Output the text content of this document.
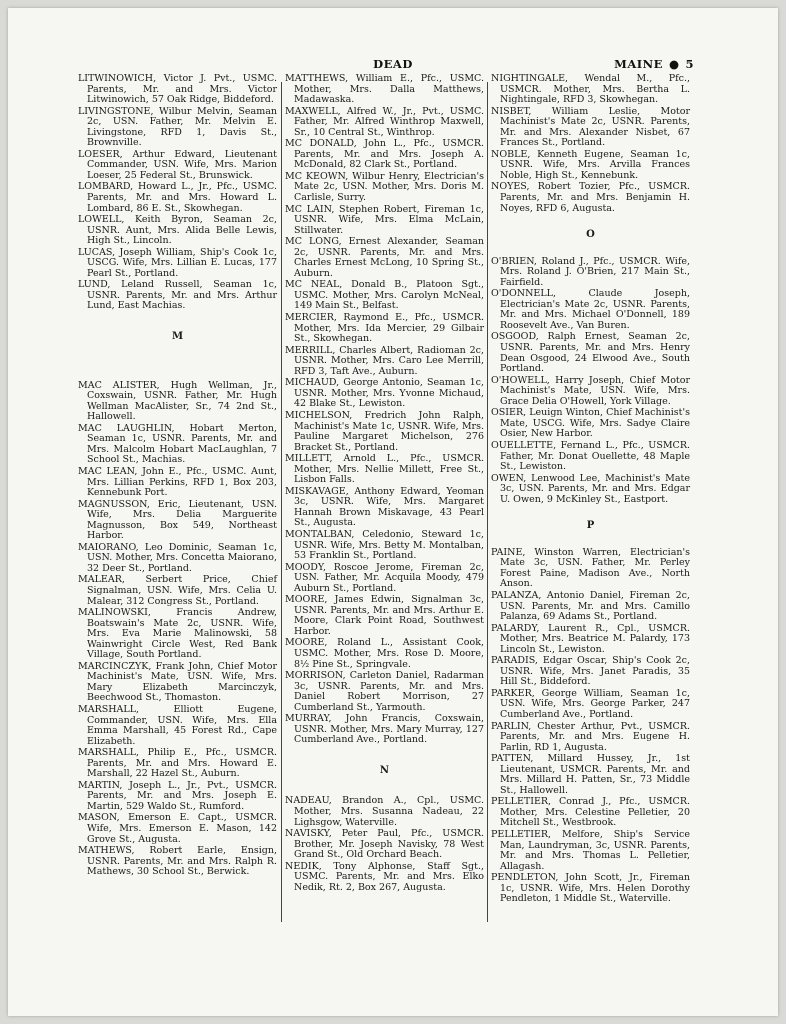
DEAD	MAINE ● 5
LITWINOWICH, Victor J. Pvt., USMC. Parents, Mr. and Mrs. Victor Litwinowich, 57 Oak Ridge, Biddeford.
LIVINGSTONE, Wilbur Melvin, Seaman 2c, USN. Father, Mr. Melvin E. Livingstone, RFD 1, Davis St., Brownville.
LOESER, Arthur Edward, Lieutenant Commander, USN. Wife, Mrs. Marion Loeser, 25 Federal St., Brunswick.
LOMBARD, Howard L., Jr., Pfc., USMC. Parents, Mr. and Mrs. Howard L. Lombard, 86 E. St., Skowhegan.
LOWELL, Keith Byron, Seaman 2c, USNR. Aunt, Mrs. Alida Belle Lewis, High St., Lincoln.
LUCAS, Joseph William, Ship's Cook 1c, USCG. Wife, Mrs. Lillian E. Lucas, 177 Pearl St., Portland.
LUND, Leland Russell, Seaman 1c, USNR. Parents, Mr. and Mrs. Arthur Lund, East Machias.
M
MAC ALISTER, Hugh Wellman, Jr., Coxswain, USNR. Father, Mr. Hugh Wellman MacAlister, Sr., 74 2nd St., Hallowell.
MAC LAUGHLIN, Hobart Merton, Seaman 1c, USNR. Parents, Mr. and Mrs. Malcolm Hobart MacLaughlan, 7 School St., Machias.
MAC LEAN, John E., Pfc., USMC. Aunt, Mrs. Lillian Perkins, RFD 1, Box 203, Kennebunk Port.
MAGNUSSON, Eric, Lieutenant, USN. Wife, Mrs. Delia Marguerite Magnusson, Box 549, Northeast Harbor.
MAIORANO, Leo Dominic, Seaman 1c, USN. Mother, Mrs. Concetta Maiorano, 32 Deer St., Portland.
MALEAR, Serbert Price, Chief Signalman, USN. Wife, Mrs. Celia U. Malear, 312 Congress St., Portland.
MALINOWSKI, Francis Andrew, Boatswain's Mate 2c, USNR. Wife, Mrs. Eva Marie Malinowski, 58 Wainwright Circle West, Red Bank Village, South Portland.
MARCINCZYK, Frank John, Chief Motor Machinist's Mate, USN. Wife, Mrs. Mary Elizabeth Marcinczyk, Beechwood St., Thomaston.
MARSHALL, Elliott Eugene, Commander, USN. Wife, Mrs. Ella Emma Marshall, 45 Forest Rd., Cape Elizabeth.
MARSHALL, Philip E., Pfc., USMCR. Parents, Mr. and Mrs. Howard E. Marshall, 22 Hazel St., Auburn.
MARTIN, Joseph L., Jr., Pvt., USMCR. Parents, Mr. and Mrs. Joseph E. Martin, 529 Waldo St., Rumford.
MASON, Emerson E. Capt., USMCR. Wife, Mrs. Emerson E. Mason, 142 Grove St., Augusta.
MATHEWS, Robert Earle, Ensign, USNR. Parents, Mr. and Mrs. Ralph R. Mathews, 30 School St., Berwick.
MATTHEWS, William E., Pfc., USMC. Mother, Mrs. Dalla Matthews, Madawaska.
MAXWELL, Alfred W., Jr., Pvt., USMC. Father, Mr. Alfred Winthrop Maxwell, Sr., 10 Central St., Winthrop.
MC DONALD, John L., Pfc., USMCR. Parents, Mr. and Mrs. Joseph A. McDonald, 82 Clark St., Portland.
MC KEOWN, Wilbur Henry, Electrician's Mate 2c, USN. Mother, Mrs. Doris M. Carlisle, Surry.
MC LAIN, Stephen Robert, Fireman 1c, USNR. Wife, Mrs. Elma McLain, Stillwater.
MC LONG, Ernest Alexander, Seaman 2c, USNR. Parents, Mr. and Mrs. Charles Ernest McLong, 10 Spring St., Auburn.
MC NEAL, Donald B., Platoon Sgt., USMC. Mother, Mrs. Carolyn McNeal, 149 Main St., Belfast.
MERCIER, Raymond E., Pfc., USMCR. Mother, Mrs. Ida Mercier, 29 Gilbair St., Skowhegan.
MERRILL, Charles Albert, Radioman 2c, USNR. Mother, Mrs. Caro Lee Merrill, RFD 3, Taft Ave., Auburn.
MICHAUD, George Antonio, Seaman 1c, USNR. Mother, Mrs. Yvonne Michaud, 42 Blake St., Lewiston.
MICHELSON, Fredrich John Ralph, Machinist's Mate 1c, USNR. Wife, Mrs. Pauline Margaret Michelson, 276 Bracket St., Portland.
MILLETT, Arnold L., Pfc., USMCR. Mother, Mrs. Nellie Millett, Free St., Lisbon Falls.
MISKAVAGE, Anthony Edward, Yeoman 3c, USNR. Wife, Mrs. Margaret Hannah Brown Miskavage, 43 Pearl St., Augusta.
MONTALBAN, Celedonio, Steward 1c, USNR. Wife, Mrs. Betty M. Montalban, 53 Franklin St., Portland.
MOODY, Roscoe Jerome, Fireman 2c, USN. Father, Mr. Acquila Moody, 479 Auburn St., Portland.
MOORE, James Edwin, Signalman 3c, USNR. Parents, Mr. and Mrs. Arthur E. Moore, Clark Point Road, Southwest Harbor.
MOORE, Roland L., Assistant Cook, USMC. Mother, Mrs. Rose D. Moore, 8½ Pine St., Springvale.
MORRISON, Carleton Daniel, Radarman 3c, USNR. Parents, Mr. and Mrs. Daniel Robert Morrison, 27 Cumberland St., Yarmouth.
MURRAY, John Francis, Coxswain, USNR. Mother, Mrs. Mary Murray, 127 Cumberland Ave., Portland.
N
NADEAU, Brandon A., Cpl., USMC. Mother, Mrs. Susanna Nadeau, 22 Lighsgow, Waterville.
NAVISKY, Peter Paul, Pfc., USMCR. Brother, Mr. Joseph Navisky, 78 West Grand St., Old Orchard Beach.
NEDIK, Tony Alphonse, Staff Sgt., USMC. Parents, Mr. and Mrs. Elko Nedik, Rt. 2, Box 267, Augusta.
NIGHTINGALE, Wendal M., Pfc., USMCR. Mother, Mrs. Bertha L. Nightingale, RFD 3, Skowhegan.
NISBET, William Leslie, Motor Machinist's Mate 2c, USNR. Parents, Mr. and Mrs. Alexander Nisbet, 67 Frances St., Portland.
NOBLE, Kenneth Eugene, Seaman 1c, USNR. Wife, Mrs. Arvilla Frances Noble, High St., Kennebunk.
NOYES, Robert Tozier, Pfc., USMCR. Parents, Mr. and Mrs. Benjamin H. Noyes, RFD 6, Augusta.
O
O'BRIEN, Roland J., Pfc., USMCR. Wife, Mrs. Roland J. O'Brien, 217 Main St., Fairfield.
O'DONNELL, Claude Joseph, Electrician's Mate 2c, USNR. Parents, Mr. and Mrs. Michael O'Donnell, 189 Roosevelt Ave., Van Buren.
OSGOOD, Ralph Ernest, Seaman 2c, USNR. Parents, Mr. and Mrs. Henry Dean Osgood, 24 Elwood Ave., South Portland.
O'HOWELL, Harry Joseph, Chief Motor Machinist's Mate, USN. Wife, Mrs. Grace Delia O'Howell, York Village.
OSIER, Leuign Winton, Chief Machinist's Mate, USCG. Wife, Mrs. Sadye Claire Osier, New Harbor.
OUELLETTE, Fernand L., Pfc., USMCR. Father, Mr. Donat Ouellette, 48 Maple St., Lewiston.
OWEN, Lenwood Lee, Machinist's Mate 3c, USN. Parents, Mr. and Mrs. Edgar U. Owen, 9 McKinley St., Eastport.
P
PAINE, Winston Warren, Electrician's Mate 3c, USN. Father, Mr. Perley Forest Paine, Madison Ave., North Anson.
PALANZA, Antonio Daniel, Fireman 2c, USN. Parents, Mr. and Mrs. Camillo Palanza, 69 Adams St., Portland.
PALARDY, Laurent R., Cpl., USMCR. Mother, Mrs. Beatrice M. Palardy, 173 Lincoln St., Lewiston.
PARADIS, Edgar Oscar, Ship's Cook 2c, USNR. Wife, Mrs. Janet Paradis, 35 Hill St., Biddeford.
PARKER, George William, Seaman 1c, USN. Wife, Mrs. George Parker, 247 Cumberland Ave., Portland.
PARLIN, Chester Arthur, Pvt., USMCR. Parents, Mr. and Mrs. Eugene H. Parlin, RD 1, Augusta.
PATTEN, Millard Hussey, Jr., 1st Lieutenant, USMCR. Parents, Mr. and Mrs. Millard H. Patten, Sr., 73 Middle St., Hallowell.
PELLETIER, Conrad J., Pfc., USMCR. Mother, Mrs. Celestine Pelletier, 20 Mitchell St., Westbrook.
PELLETIER, Melfore, Ship's Service Man, Laundryman, 3c, USNR. Parents, Mr. and Mrs. Thomas L. Pelletier, Allagash.
PENDLETON, John Scott, Jr., Fireman 1c, USNR. Wife, Mrs. Helen Dorothy Pendleton, 1 Middle St., Waterville.
